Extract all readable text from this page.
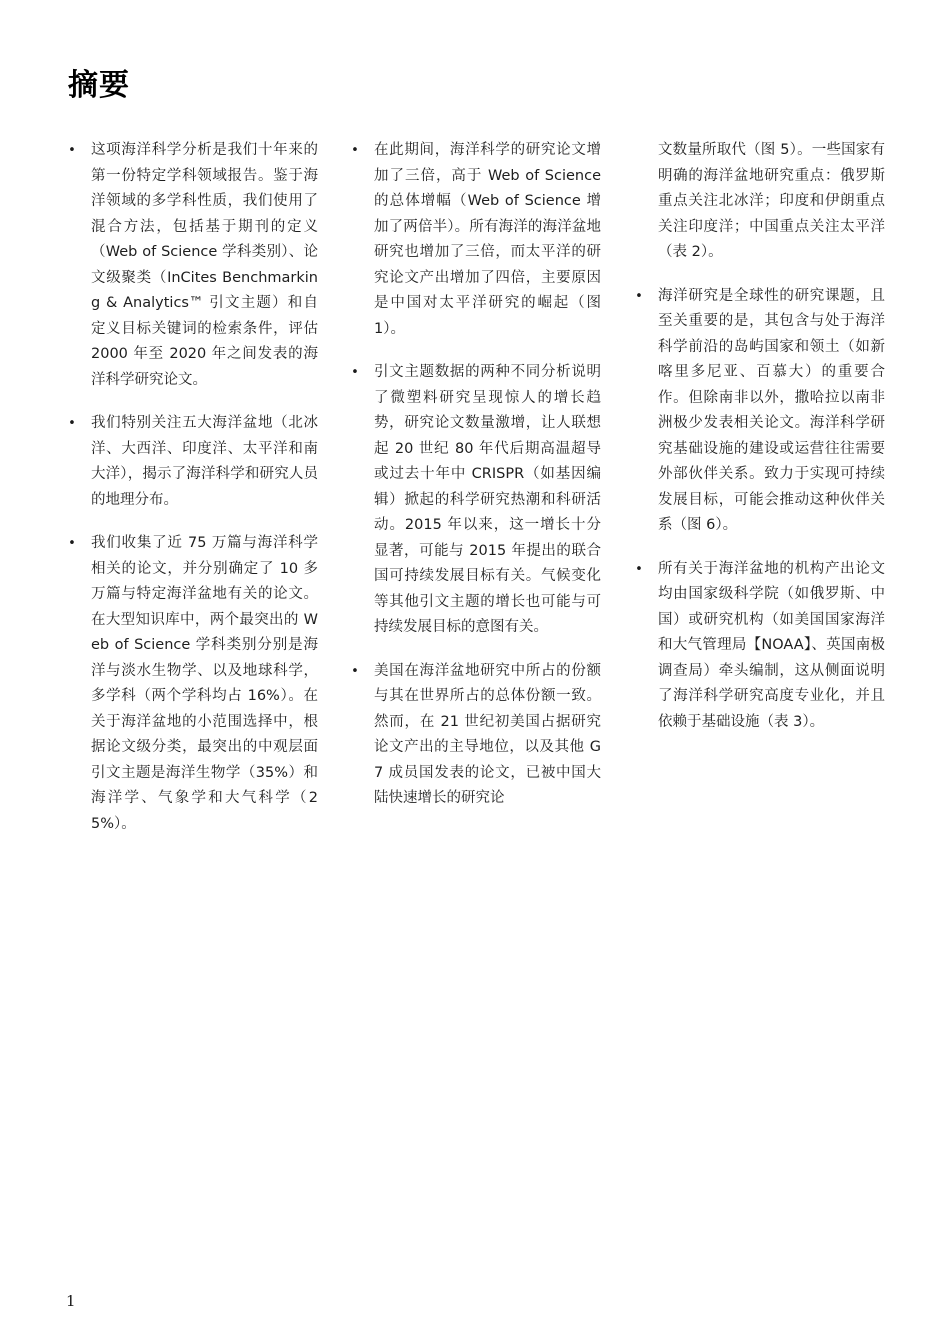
摘要
• 这项海洋科学分析是我们十年来的第一份特定学科领域报告。鉴于海洋领域的多学科性质，我们使用了混合方法，包括基于期刊的定义（Web of Science 学科类别）、论文级聚类（InCites Benchmarking & Analytics™ 引文主题）和自定义目标关键词的检索条件，评估 2000 年至 2020 年之间发表的海洋科学研究论文。
• 我们特别关注五大海洋盆地（北冰洋、大西洋、印度洋、太平洋和南大洋），揭示了海洋科学和研究人员的地理分布。
• 我们收集了近 75 万篇与海洋科学相关的论文，并分别确定了 10 多万篇与特定海洋盆地有关的论文。在大型知识库中，两个最突出的 Web of Science 学科类别分别是海洋与淡水生物学、以及地球科学，多学科（两个学科均占 16%）。在关于海洋盆地的小范围选择中，根据论文级分类，最突出的中观层面引文主题是海洋生物学（35%）和海洋学、气象学和大气科学（25%）。
• 在此期间，海洋科学的研究论文增加了三倍，高于 Web of Science 的总体增幅（Web of Science 增加了两倍半）。所有海洋的海洋盆地研究也增加了三倍，而太平洋的研究论文产出增加了四倍，主要原因是中国对太平洋研究的崛起（图 1）。
• 引文主题数据的两种不同分析说明了微塑料研究呈现惊人的增长趋势，研究论文数量激增，让人联想起 20 世纪 80 年代后期高温超导或过去十年中 CRISPR（如基因编辑）掀起的科学研究热潮和科研活动。2015 年以来，这一增长十分显著，可能与 2015 年提出的联合国可持续发展目标有关。气候变化等其他引文主题的增长也可能与可持续发展目标的意图有关。
• 美国在海洋盆地研究中所占的份额与其在世界所占的总体份额一致。然而，在 21 世纪初美国占据研究论文产出的主导地位，以及其他 G7 成员国发表的论文，已被中国大陆快速增长的研究论
文数量所取代（图 5）。一些国家有明确的海洋盆地研究重点：俄罗斯重点关注北冰洋；印度和伊朗重点关注印度洋；中国重点关注太平洋（表 2）。
• 海洋研究是全球性的研究课题，且至关重要的是，其包含与处于海洋科学前沿的岛屿国家和领土（如新喀里多尼亚、百慕大）的重要合作。但除南非以外，撒哈拉以南非洲极少发表相关论文。海洋科学研究基础设施的建设或运营往往需要外部伙伴关系。致力于实现可持续发展目标，可能会推动这种伙伴关系（图 6）。
• 所有关于海洋盆地的机构产出论文均由国家级科学院（如俄罗斯、中国）或研究机构（如美国国家海洋和大气管理局【NOAA】、英国南极调查局）牵头编制，这从侧面说明了海洋科学研究高度专业化，并且依赖于基础设施（表 3）。
1
